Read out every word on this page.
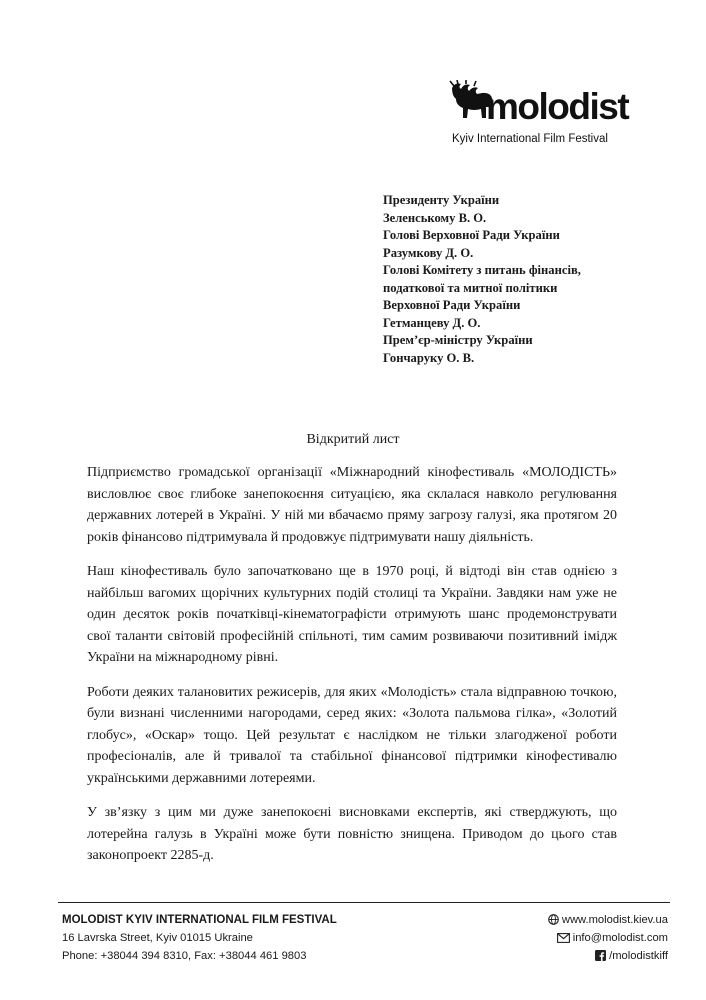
molodist
Kyiv International Film Festival
Президенту України
Зеленському В. О.
Голові Верховної Ради України
Разумкову Д. О.
Голові Комітету з питань фінансів,
податкової та митної політики
Верховної Ради України
Гетманцеву Д. О.
Прем’єр-міністру України
Гончаруку О. В.
Відкритий лист

Підприємство громадської організації «Міжнародний кінофестиваль «МОЛОДІСТЬ» висловлює своє глибоке занепокоєння ситуацією, яка склалася навколо регулювання державних лотерей в Україні. У ній ми вбачаємо пряму загрозу галузі, яка протягом 20 років фінансово підтримувала й продовжує підтримувати нашу діяльність.

Наш кінофестиваль було започатковано ще в 1970 році, й відтоді він став однією з найбільш вагомих щорічних культурних подій столиці та України. Завдяки нам уже не один десяток років початківці-кінематографісти отримують шанс продемонструвати свої таланти світовій професійній спільноті, тим самим розвиваючи позитивний імідж України на міжнародному рівні.

Роботи деяких талановитих режисерів, для яких «Молодість» стала відправною точкою, були визнані численними нагородами, серед яких: «Золота пальмова гілка», «Золотий глобус», «Оскар» тощо. Цей результат є наслідком не тільки злагодженої роботи професіоналів, але й тривалої та стабільної фінансової підтримки кінофестивалю українськими державними лотереями.

У зв’язку з цим ми дуже занепокоєні висновками експертів, які стверджують, що лотерейна галузь в Україні може бути повністю знищена. Приводом до цього став законопроект 2285-д.

MOLODIST KYIV INTERNATIONAL FILM FESTIVAL
16 Lavrska Street, Kyiv 01015 Ukraine
Phone: +38044 394 8310, Fax: +38044 461 9803
www.molodist.kiev.ua
info@molodist.com
/molodistkiff
